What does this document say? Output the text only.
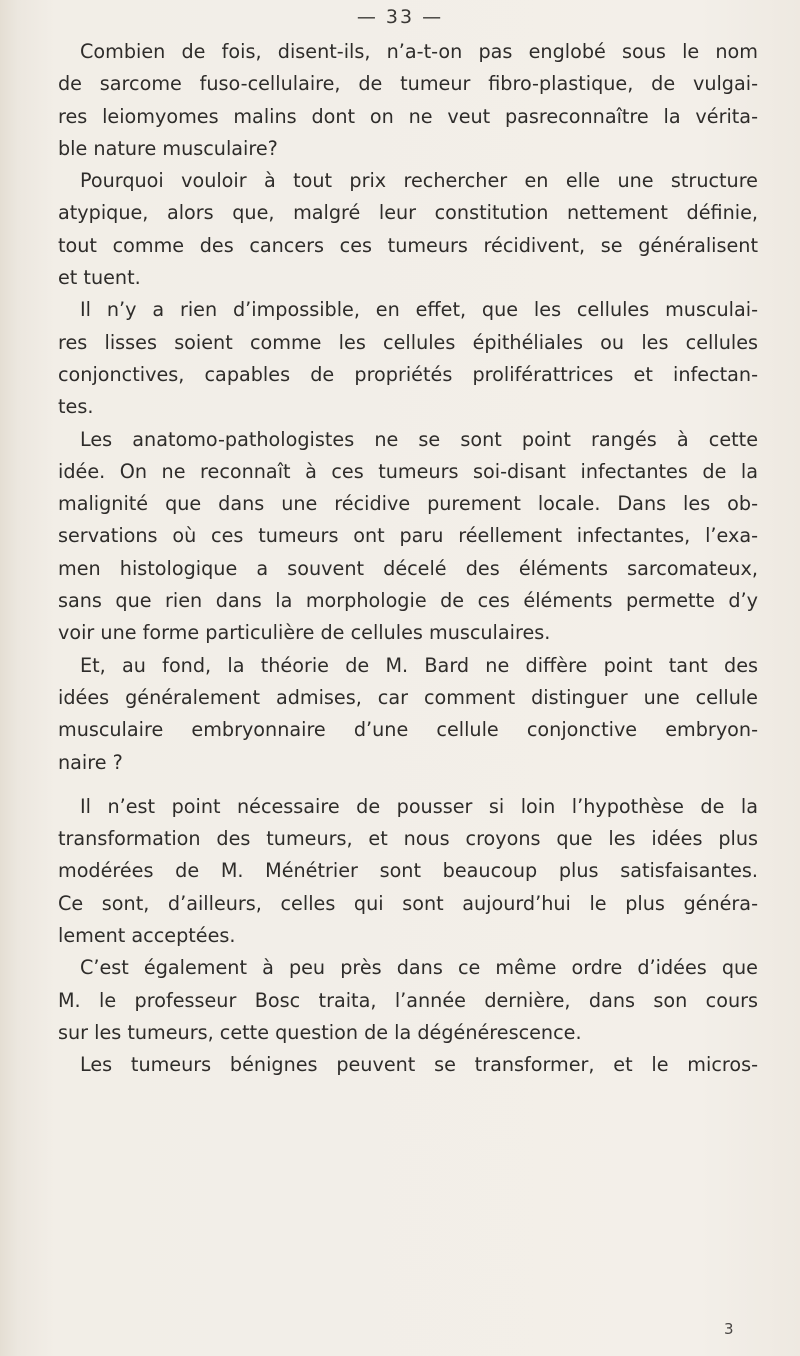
— 33 —
Combien de fois, disent-ils, n’a-t-on pas englobé sous le nom
de sarcome fuso-cellulaire, de tumeur fibro-plastique, de vulgai-
res leiomyomes malins dont on ne veut pasreconnaître la vérita-
ble nature musculaire?
Pourquoi vouloir à tout prix rechercher en elle une structure
atypique, alors que, malgré leur constitution nettement définie,
tout comme des cancers ces tumeurs récidivent, se généralisent
et tuent.
Il n’y a rien d’impossible, en effet, que les cellules musculai-
res lisses soient comme les cellules épithéliales ou les cellules
conjonctives, capables de propriétés proliférattrices et infectan-
tes.
Les anatomo-pathologistes ne se sont point rangés à cette
idée. On ne reconnaît à ces tumeurs soi-disant infectantes de la
malignité que dans une récidive purement locale. Dans les ob-
servations où ces tumeurs ont paru réellement infectantes, l’exa-
men histologique a souvent décelé des éléments sarcomateux,
sans que rien dans la morphologie de ces éléments permette d’y
voir une forme particulière de cellules musculaires.
Et, au fond, la théorie de M. Bard ne diffère point tant des
idées généralement admises, car comment distinguer une cellule
musculaire embryonnaire d’une cellule conjonctive embryon-
naire ?
Il n’est point nécessaire de pousser si loin l’hypothèse de la
transformation des tumeurs, et nous croyons que les idées plus
modérées de M. Ménétrier sont beaucoup plus satisfaisantes.
Ce sont, d’ailleurs, celles qui sont aujourd’hui le plus généra-
lement acceptées.
C’est également à peu près dans ce même ordre d’idées que
M. le professeur Bosc traita, l’année dernière, dans son cours
sur les tumeurs, cette question de la dégénérescence.
Les tumeurs bénignes peuvent se transformer, et le micros-
3
